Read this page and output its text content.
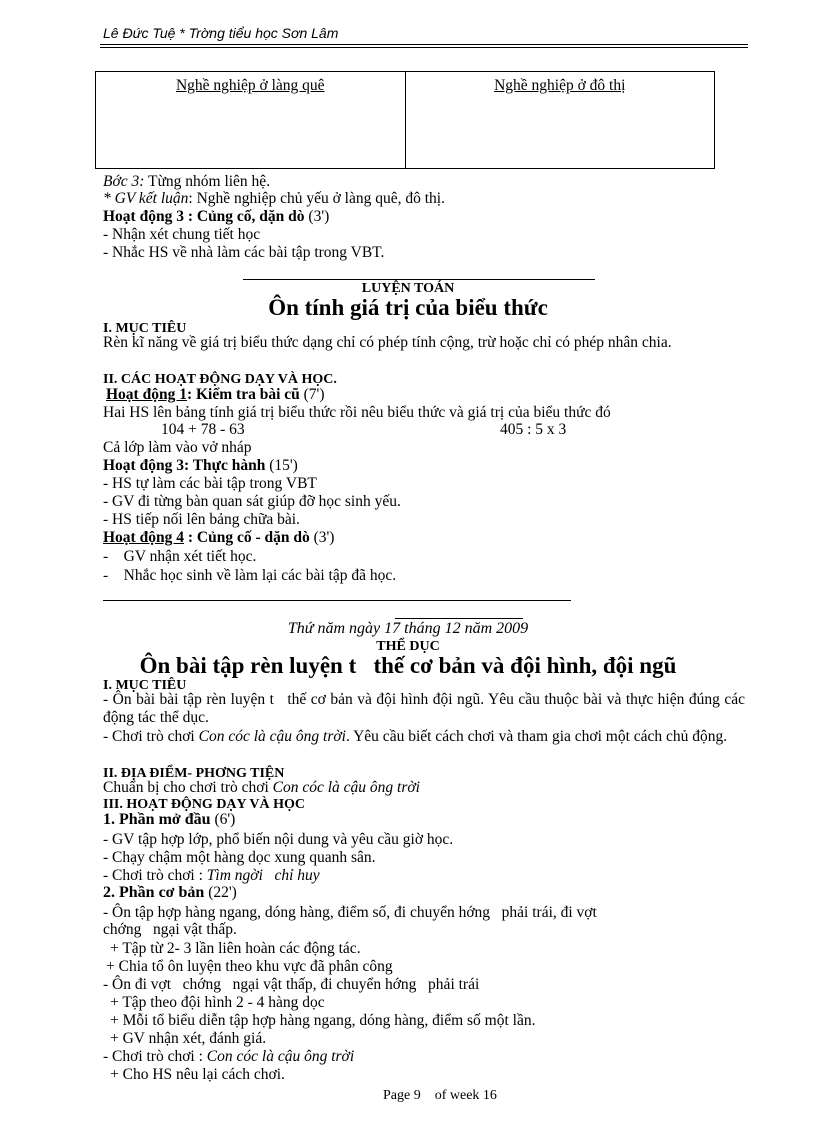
Lê Đức Tuệ * Trờng tiểu học Sơn Lâm
Nghề nghiệp ở làng quê	Nghề nghiệp ở đô thị
Bớc 3: Từng nhóm liên hệ.
* GV kết luận: Nghề nghiệp chủ yếu ở làng quê, đô thị.
Hoạt động 3 : Củng cố, dặn dò (3')
- Nhận xét chung tiết học
- Nhắc HS về nhà làm các bài tập trong VBT.
LUYỆN TOÁN
Ôn tính giá trị của biểu thức
I. MỤC TIÊU
Rèn kĩ năng về giá trị biểu thức dạng chỉ có phép tính cộng, trừ hoặc chỉ có phép nhân chia.
II. CÁC HOẠT ĐỘNG DẠY VÀ HỌC.
Hoạt động 1: Kiểm tra bài cũ (7')
Hai HS lên bảng tính giá trị biểu thức rồi nêu biểu thức và giá trị của biểu thức đó
104 + 78 - 63	405 : 5 x 3
Cả lớp làm vào vở nháp
Hoạt động 3: Thực hành (15')
- HS tự làm các bài tập trong VBT
- GV đi từng bàn quan sát giúp đỡ học sinh yếu.
- HS tiếp nối lên bảng chữa bài.
Hoạt động 4 : Củng cố - dặn dò (3')
-    GV nhận xét tiết học.
-    Nhắc học sinh về làm lại các bài tập đã học.
Thứ năm ngày 17 tháng 12 năm 2009
THỂ DỤC
Ôn bài tập rèn luyện t   thế cơ bản và đội hình, đội ngũ
I. MỤC TIÊU
- Ôn bài bài tập rèn luyện t   thế cơ bản và đội hình đội ngũ. Yêu cầu thuộc bài và thực hiện đúng các động tác thể dục.
- Chơi trò chơi Con cóc là cậu ông trời. Yêu cầu biết cách chơi và tham gia chơi một cách chủ động.
II. ĐỊA ĐIỂM- PHƠNG TIỆN
Chuẩn bị cho chơi trò chơi Con cóc là cậu ông trời
III. HOẠT ĐỘNG DẠY VÀ HỌC
1. Phần mở đầu (6')
- GV tập hợp lớp, phổ biến nội dung và yêu cầu giờ học.
- Chạy chậm một hàng dọc xung quanh sân.
- Chơi trò chơi : Tìm ngời   chỉ huy
2. Phần cơ bản (22')
- Ôn tập hợp hàng ngang, dóng hàng, điểm số, đi chuyển hớng   phải trái, đi vợt
chớng   ngại vật thấp.
+ Tập từ 2- 3 lần liên hoàn các động tác.
+ Chia tổ ôn luyện theo khu vực đã phân công
- Ôn đi vợt   chớng   ngại vật thấp, đi chuyển hớng   phải trái
+ Tập theo đội hình 2 - 4 hàng dọc
+ Mỗi tổ biểu diễn tập hợp hàng ngang, dóng hàng, điểm số một lần.
+ GV nhận xét, đánh giá.
- Chơi trò chơi : Con cóc là cậu ông trời
+ Cho HS nêu lại cách chơi.
Page 9    of week 16
